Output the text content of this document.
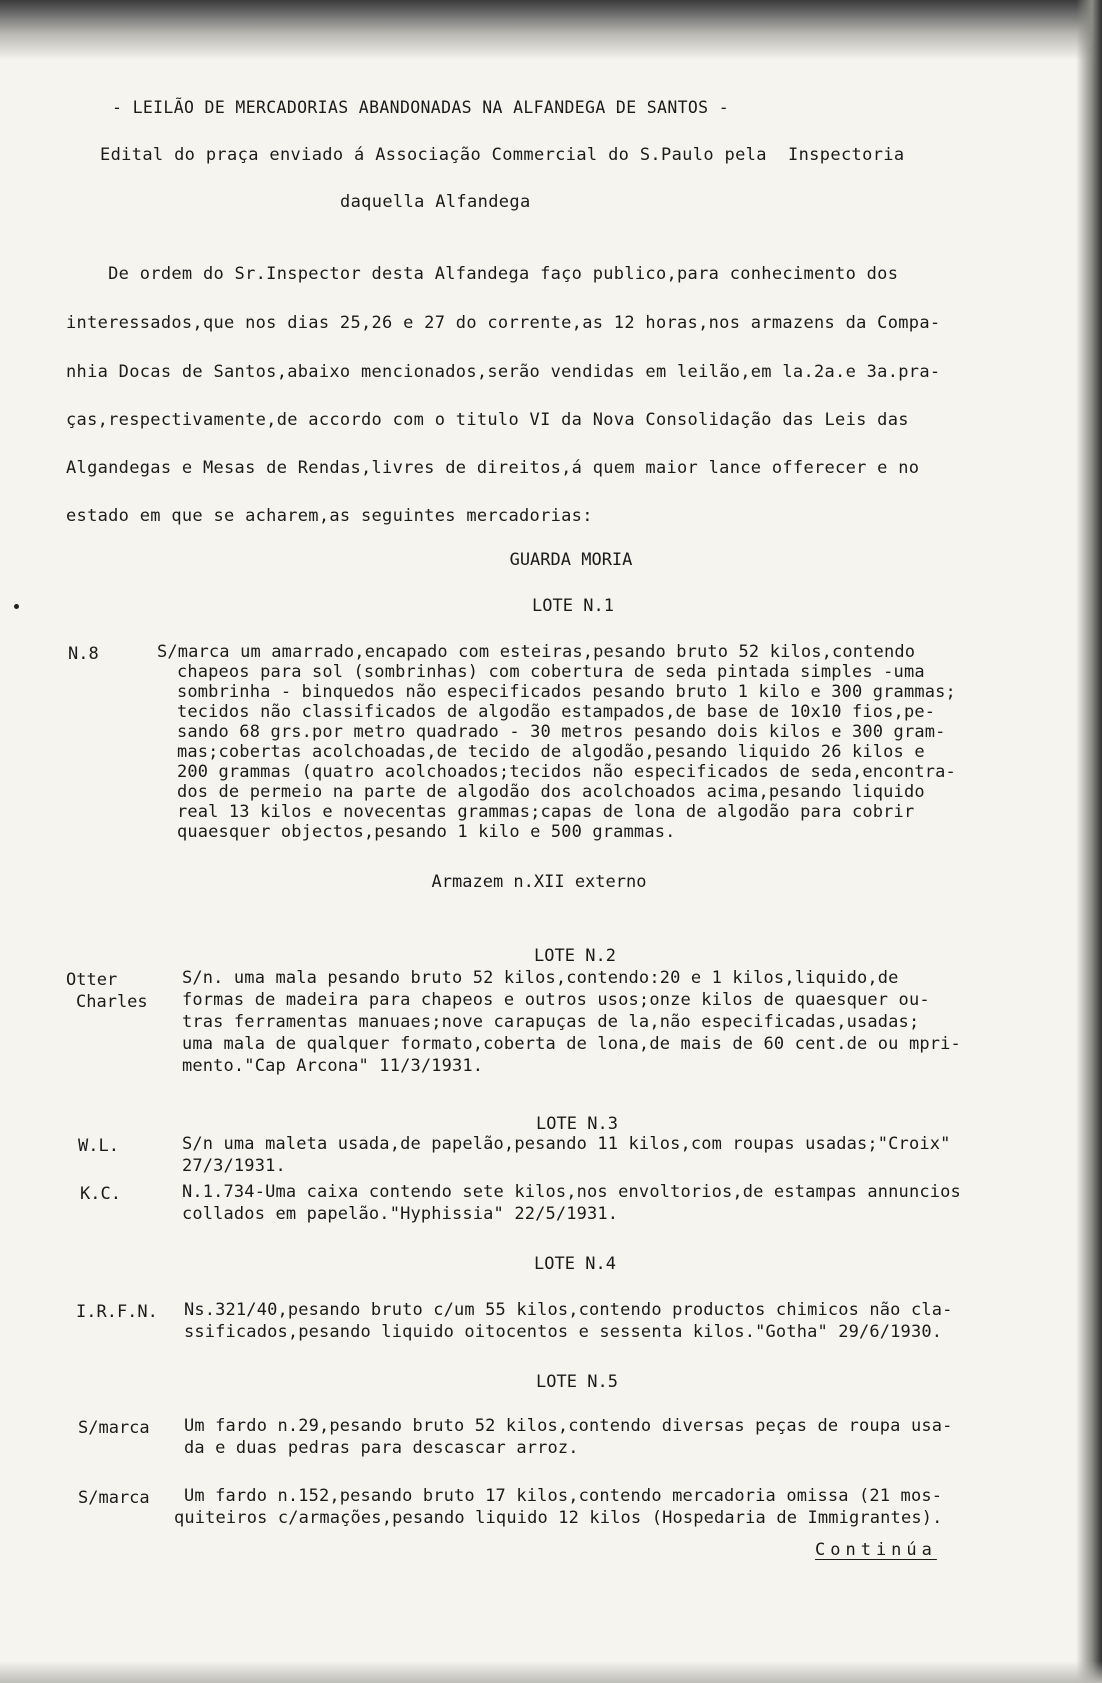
- LEILÃO DE MERCADORIAS ABANDONADAS NA ALFANDEGA DE SANTOS -
Edital do praça enviado á Associação Commercial do S.Paulo pela  Inspectoria
daquella Alfandega
De ordem do Sr.Inspector desta Alfandega faço publico,para conhecimento dos
interessados,que nos dias 25,26 e 27 do corrente,as 12 horas,nos armazens da Compa-
nhia Docas de Santos,abaixo mencionados,serão vendidas em leilão,em la.2a.e 3a.pra-
ças,respectivamente,de accordo com o titulo VI da Nova Consolidação das Leis das
Algandegas e Mesas de Rendas,livres de direitos,á quem maior lance offerecer e no
estado em que se acharem,as seguintes mercadorias:
GUARDA MORIA
LOTE N.1
N.8	S/marca um amarrado,encapado com esteiras,pesando bruto 52 kilos,contendo
chapeos para sol (sombrinhas) com cobertura de seda pintada simples -uma
sombrinha - binquedos não especificados pesando bruto 1 kilo e 300 grammas;
tecidos não classificados de algodão estampados,de base de 10x10 fios,pe-
sando 68 grs.por metro quadrado - 30 metros pesando dois kilos e 300 gram-
mas;cobertas acolchoadas,de tecido de algodão,pesando liquido 26 kilos e
200 grammas (quatro acolchoados;tecidos não especificados de seda,encontra-
dos de permeio na parte de algodão dos acolchoados acima,pesando liquido
real 13 kilos e novecentas grammas;capas de lona de algodão para cobrir
quaesquer objectos,pesando 1 kilo e 500 grammas.
Armazem n.XII externo
LOTE N.2
Otter
Charles
S/n. uma mala pesando bruto 52 kilos,contendo:20 e 1 kilos,liquido,de
formas de madeira para chapeos e outros usos;onze kilos de quaesquer ou-
tras ferramentas manuaes;nove carapuças de la,não especificadas,usadas;
uma mala de qualquer formato,coberta de lona,de mais de 60 cent.de ou mpri-
mento."Cap Arcona" 11/3/1931.
LOTE N.3
W.L.	S/n uma maleta usada,de papelão,pesando 11 kilos,com roupas usadas;"Croix"
27/3/1931.
K.C.	N.1.734-Uma caixa contendo sete kilos,nos envoltorios,de estampas annuncios
collados em papelão."Hyphissia" 22/5/1931.
LOTE N.4
I.R.F.N. Ns.321/40,pesando bruto c/um 55 kilos,contendo productos chimicos não cla-
ssificados,pesando liquido oitocentos e sessenta kilos."Gotha" 29/6/1930.
LOTE N.5
S/marca Um fardo n.29,pesando bruto 52 kilos,contendo diversas peças de roupa usa-
da e duas pedras para descascar arroz.
S/marca Um fardo n.152,pesando bruto 17 kilos,contendo mercadoria omissa (21 mos-
quiteiros c/armações,pesando liquido 12 kilos (Hospedaria de Immigrantes).
Continúa
